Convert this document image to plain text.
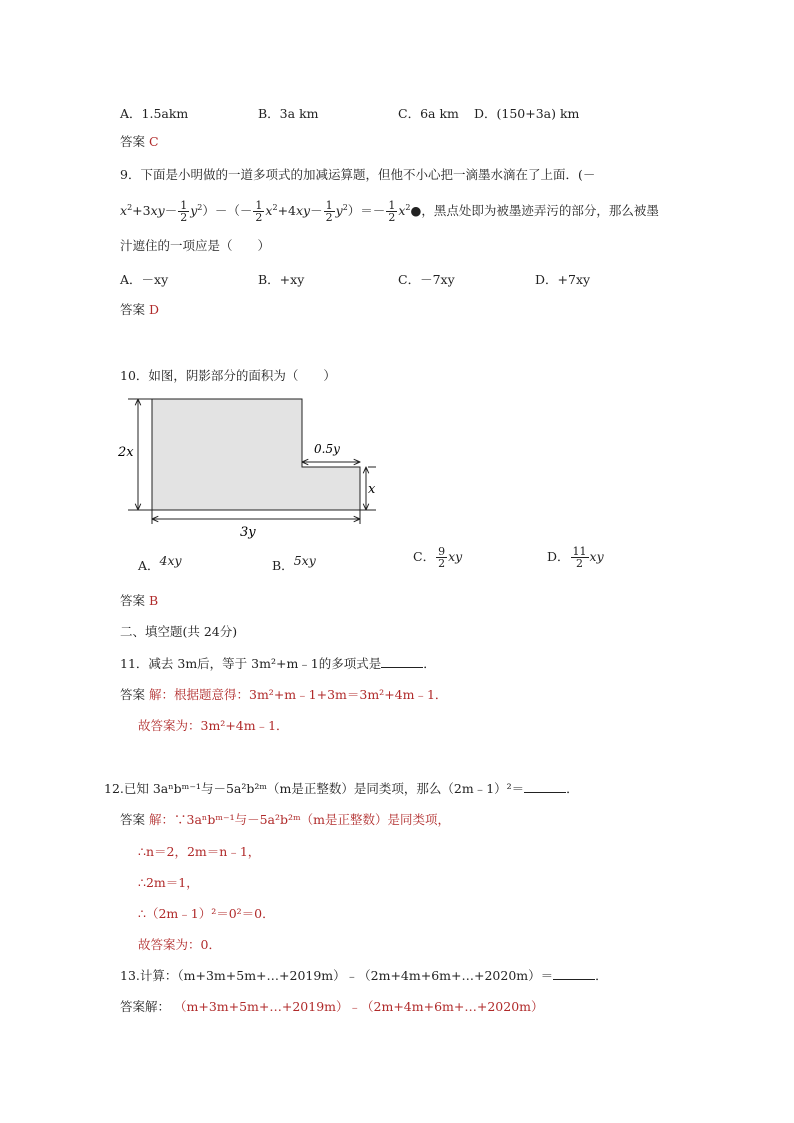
A．1.5akm	B．3a km	C．6a km D．(150+3a) km
答案 C
9．下面是小明做的一道多项式的加减运算题，但他不小心把一滴墨水滴在了上面．(－
$x^2+3xy- \frac{1}{2} y^2)-(- \frac{1}{2} x^2+4xy- \frac{1}{2} y^2)=- \frac{1}{2}$ $x^2●$，黑点处即为被墨迹弄污的部分，那么被墨
汁遮住的一项应是（　　）
A．－xy	B．+xy	C．－7xy	D．+7xy
答案 D
10．如图，阴影部分的面积为（　　）
2x	0.5y
x
3y
A．4xy	B．5xy	C． $\frac{9}{2}$ xy	D． $\frac{11}{2}$ xy
答案 B
二、填空题(共 24分)
11．减去 3m后，等于 3m²+m﹣1的多项式是	．
答案 解：根据题意得：3m²+m﹣1+3m＝3m²+4m﹣1．
故答案为：3m²+4m﹣1．
12.已知 3aⁿbᵐ⁻¹与－5a²b²ᵐ（m是正整数）是同类项，那么（2m﹣1）²＝	．
答案 解：∵3aⁿbᵐ⁻¹与－5a²b²ᵐ（m是正整数）是同类项，
∴n＝2，2m＝n﹣1，
∴2m＝1，
∴（2m﹣1）²＝0²＝0．
故答案为：0．
13.计算：（m+3m+5m+…+2019m）﹣（2m+4m+6m+…+2020m）＝	．
答案解： （m+3m+5m+…+2019m）﹣（2m+4m+6m+…+2020m）
